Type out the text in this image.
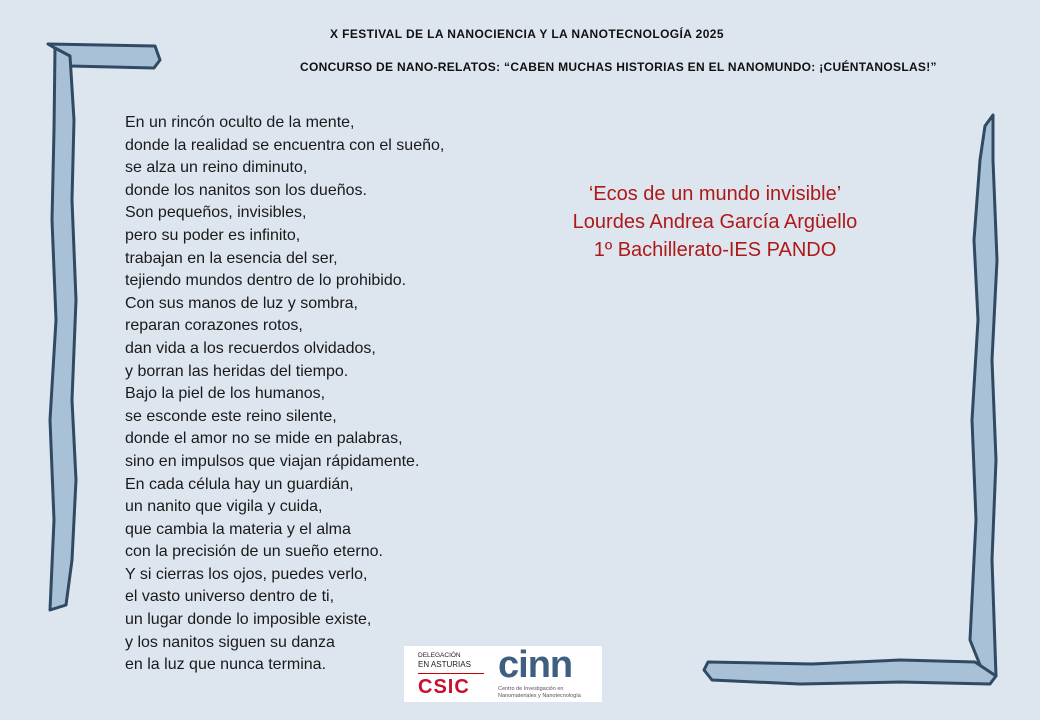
X FESTIVAL DE LA NANOCIENCIA Y LA NANOTECNOLOGÍA 2025
CONCURSO DE NANO-RELATOS: “CABEN MUCHAS HISTORIAS EN EL NANOMUNDO: ¡CUÉNTANOSLAS!”
En un rincón oculto de la mente,
donde la realidad se encuentra con el sueño,
se alza un reino diminuto,
donde los nanitos son los dueños.
Son pequeños, invisibles,
pero su poder es infinito,
trabajan en la esencia del ser,
tejiendo mundos dentro de lo prohibido.
Con sus manos de luz y sombra,
reparan corazones rotos,
dan vida a los recuerdos olvidados,
y borran las heridas del tiempo.
Bajo la piel de los humanos,
se esconde este reino silente,
donde el amor no se mide en palabras,
sino en impulsos que viajan rápidamente.
En cada célula hay un guardián,
un nanito que vigila y cuida,
que cambia la materia y el alma
con la precisión de un sueño eterno.
Y si cierras los ojos, puedes verlo,
el vasto universo dentro de ti,
un lugar donde lo imposible existe,
y los nanitos siguen su danza
en la luz que nunca termina.
‘Ecos de un mundo invisible’
Lourdes Andrea García Argüello
1º Bachillerato-IES PANDO
DELEGACIÓN
EN ASTURIAS
CSIC
cinn
Centro de Investigación en
Nanomateriales y Nanotecnología
